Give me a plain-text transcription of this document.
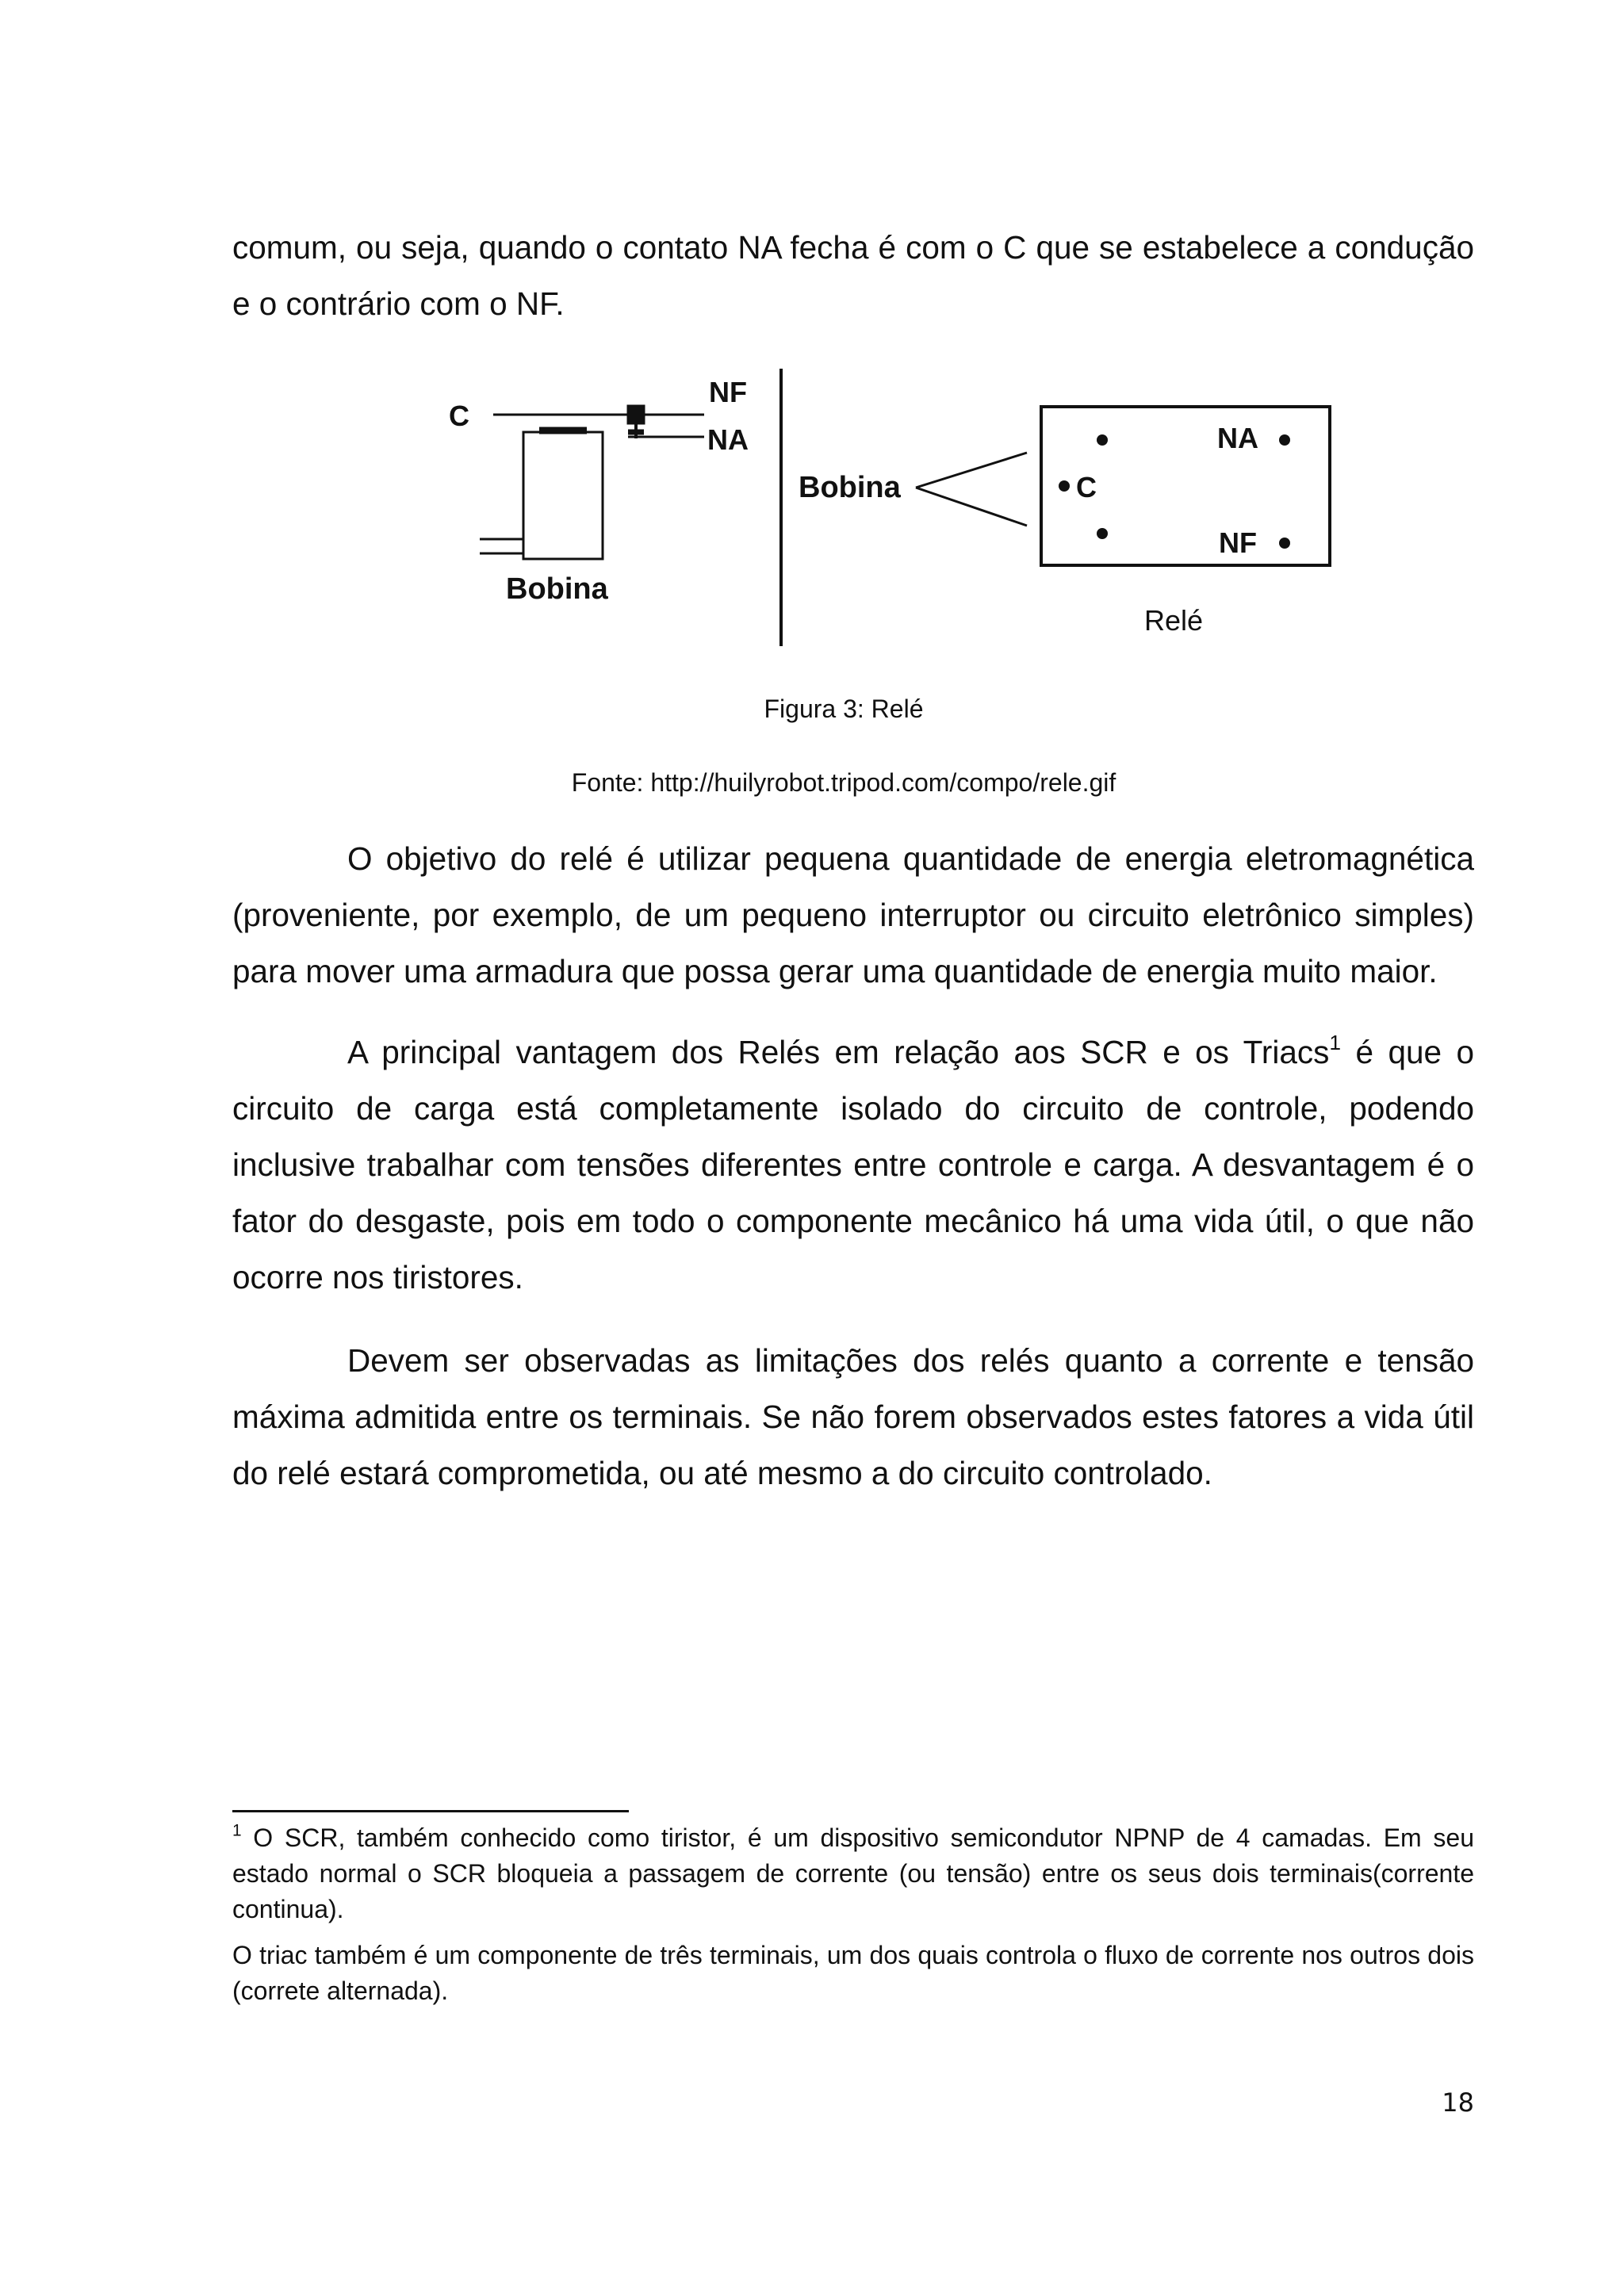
comum, ou seja, quando o contato NA fecha é com o C que se estabelece a condução e o contrário com o NF.

C
NF
NA
Bobina
Bobina
NA
C
NF
Relé

Figura 3: Relé

Fonte: http://huilyrobot.tripod.com/compo/rele.gif

O objetivo do relé é utilizar pequena quantidade de energia eletromagnética (proveniente, por exemplo, de um pequeno interruptor ou circuito eletrônico simples) para mover uma armadura que possa gerar uma quantidade de energia muito maior.

A principal vantagem dos Relés em relação aos SCR e os Triacs$^1$ é que o circuito de carga está completamente isolado do circuito de controle, podendo inclusive trabalhar com tensões diferentes entre controle e carga. A desvantagem é o fator do desgaste, pois em todo o componente mecânico há uma vida útil, o que não ocorre nos tiristores.

Devem ser observadas as limitações dos relés quanto a corrente e tensão máxima admitida entre os terminais. Se não forem observados estes fatores a vida útil do relé estará comprometida, ou até mesmo a do circuito controlado.

$^1$ O SCR, também conhecido como tiristor, é um dispositivo semicondutor NPNP de 4 camadas. Em seu estado normal o SCR bloqueia a passagem de corrente (ou tensão) entre os seus dois terminais(corrente continua).

O triac também é um componente de três terminais, um dos quais controla o fluxo de corrente nos outros dois (correte alternada).

18
